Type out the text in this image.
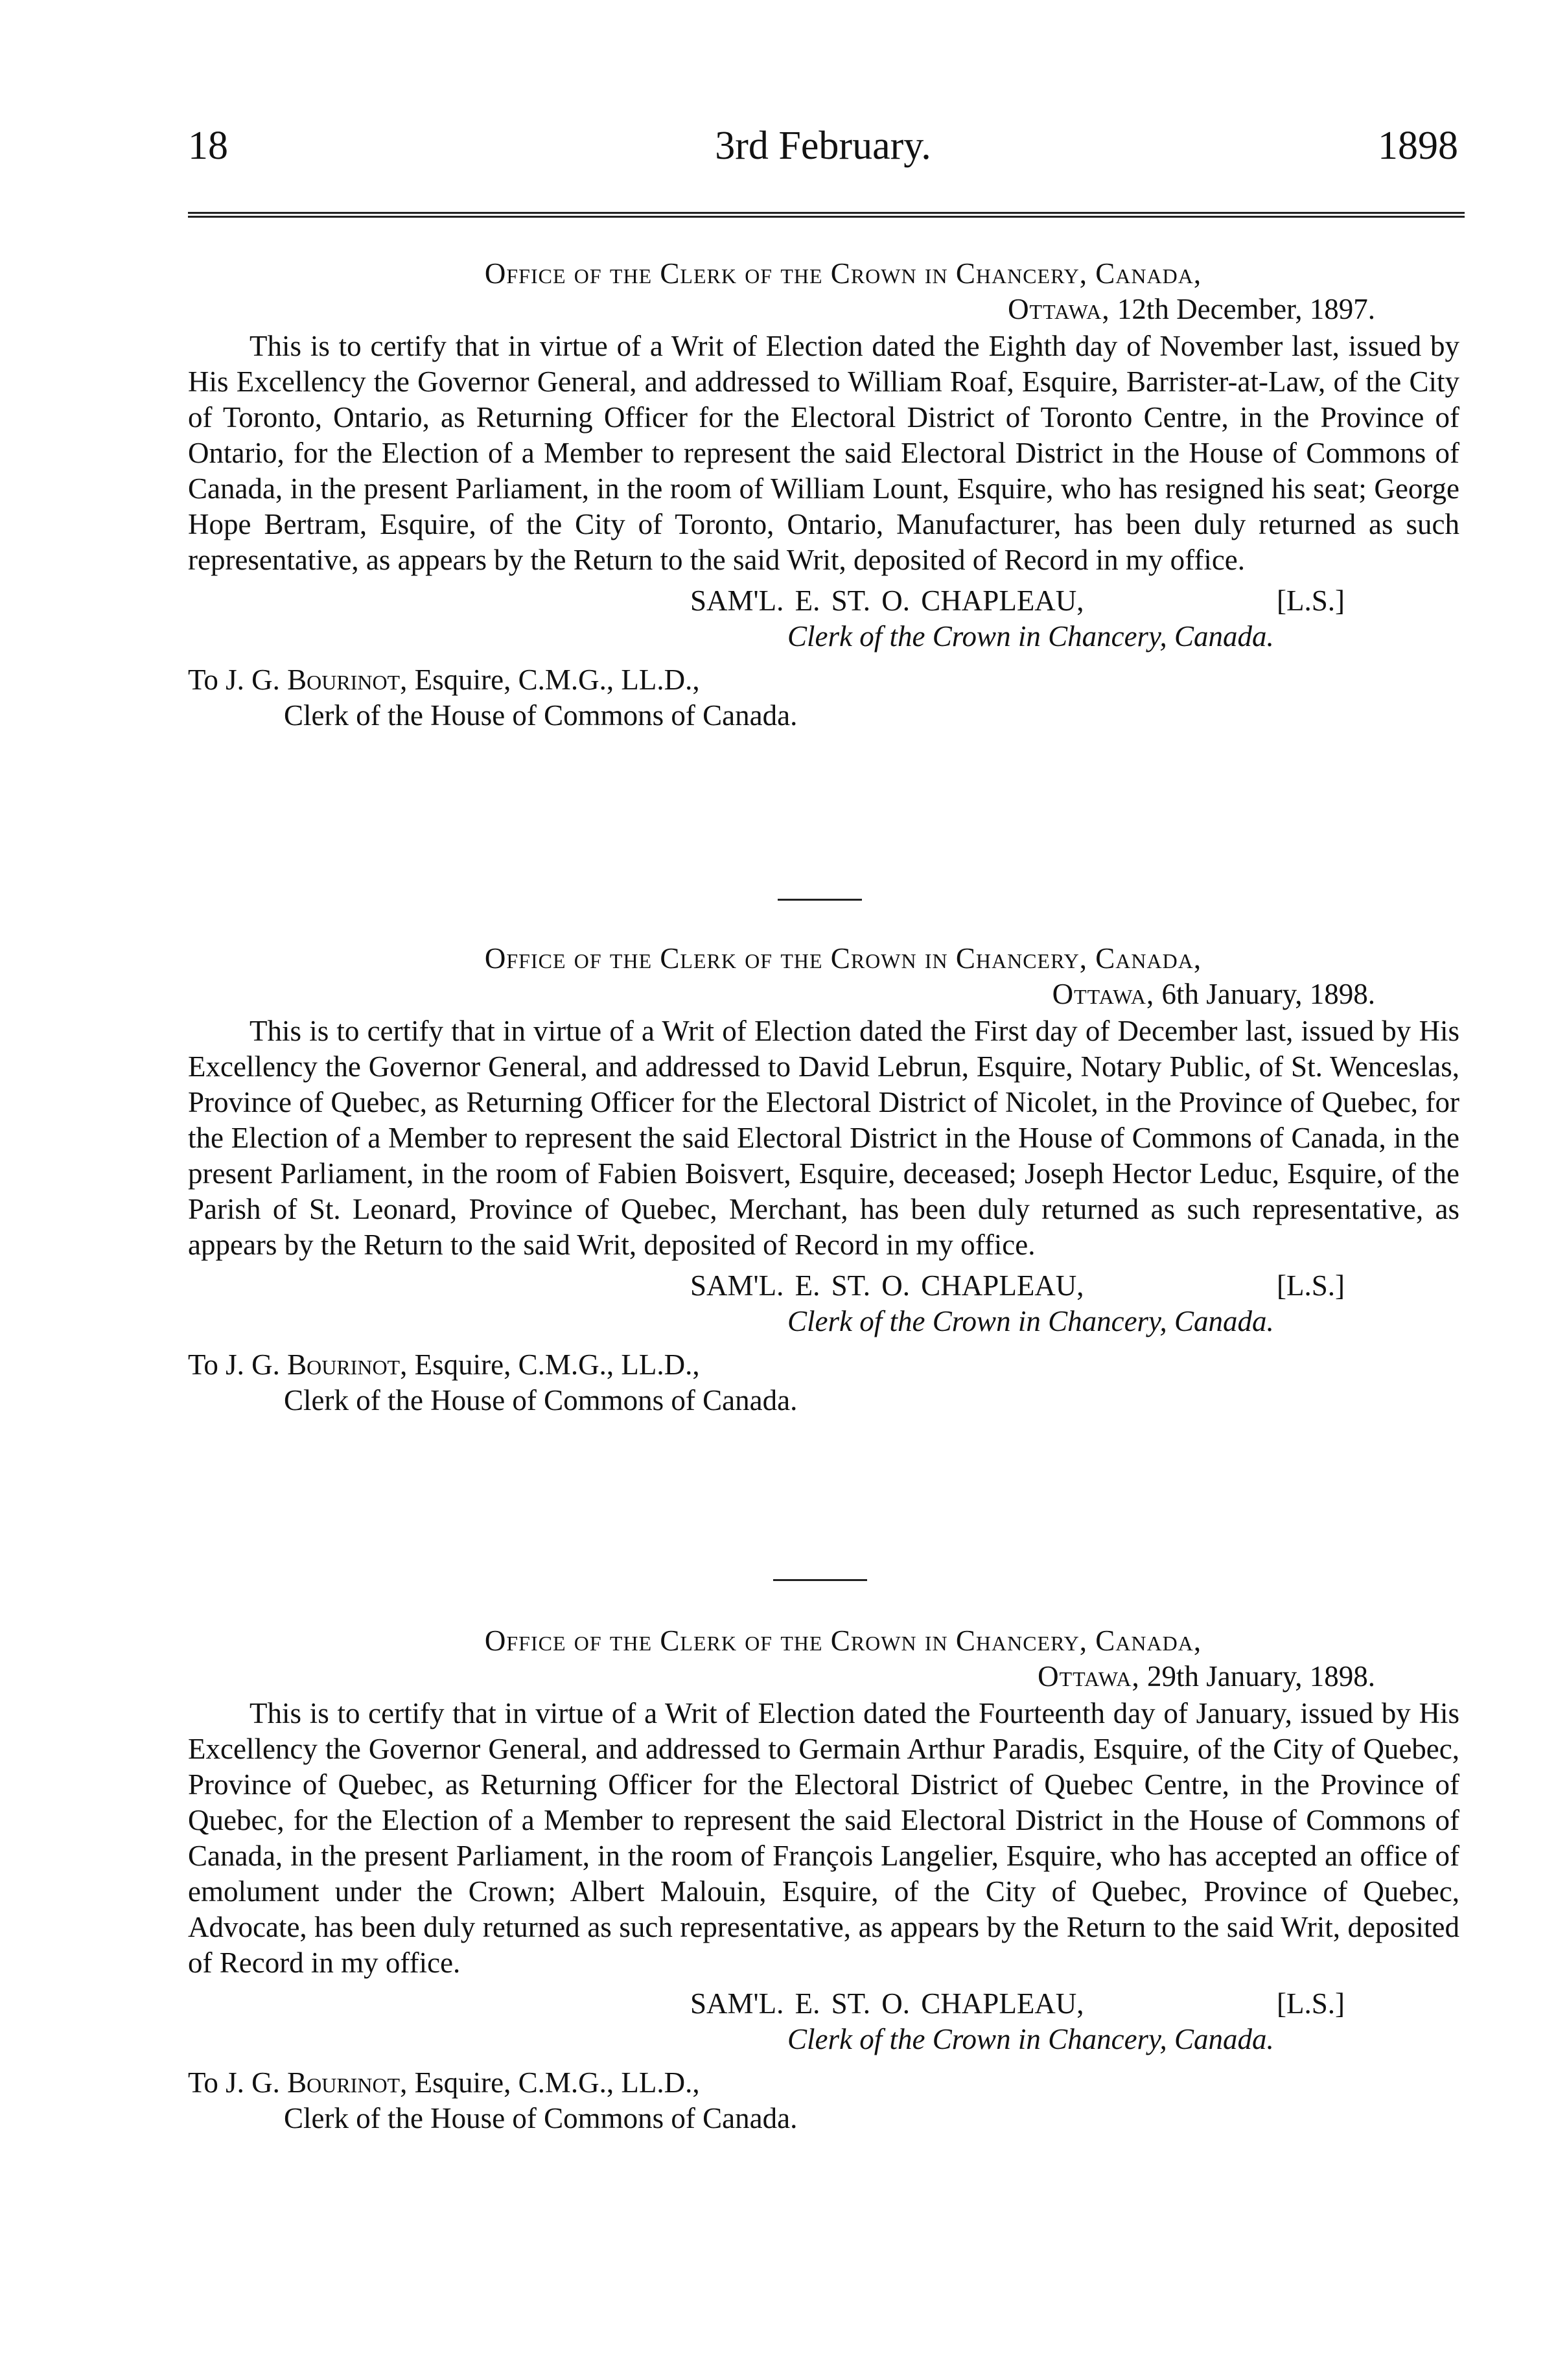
18	3rd February.	1898
Office of the Clerk of the Crown in Chancery, Canada,
Ottawa, 12th December, 1897.

This is to certify that in virtue of a Writ of Election dated the Eighth day of November last, issued by His Excellency the Governor General, and addressed to William Roaf, Esquire, Barrister-at-Law, of the City of Toronto, Ontario, as Returning Officer for the Electoral District of Toronto Centre, in the Province of Ontario, for the Election of a Member to represent the said Electoral District in the House of Commons of Canada, in the present Parliament, in the room of William Lount, Esquire, who has resigned his seat; George Hope Bertram, Esquire, of the City of Toronto, Ontario, Manufacturer, has been duly returned as such representative, as appears by the Return to the said Writ, deposited of Record in my office.

SAM'L. E. ST. O. CHAPLEAU,	[L.S.]
Clerk of the Crown in Chancery, Canada.
To J. G. Bourinot, Esquire, C.M.G., LL.D.,
Clerk of the House of Commons of Canada.
Office of the Clerk of the Crown in Chancery, Canada,
Ottawa, 6th January, 1898.

This is to certify that in virtue of a Writ of Election dated the First day of December last, issued by His Excellency the Governor General, and addressed to David Lebrun, Esquire, Notary Public, of St. Wenceslas, Province of Quebec, as Returning Officer for the Electoral District of Nicolet, in the Province of Quebec, for the Election of a Member to represent the said Electoral District in the House of Commons of Canada, in the present Parliament, in the room of Fabien Boisvert, Esquire, deceased; Joseph Hector Leduc, Esquire, of the Parish of St. Leonard, Province of Quebec, Merchant, has been duly returned as such representative, as appears by the Return to the said Writ, deposited of Record in my office.

SAM'L. E. ST. O. CHAPLEAU,	[L.S.]
Clerk of the Crown in Chancery, Canada.
To J. G. Bourinot, Esquire, C.M.G., LL.D.,
Clerk of the House of Commons of Canada.
Office of the Clerk of the Crown in Chancery, Canada,
Ottawa, 29th January, 1898.

This is to certify that in virtue of a Writ of Election dated the Fourteenth day of January, issued by His Excellency the Governor General, and addressed to Germain Arthur Paradis, Esquire, of the City of Quebec, Province of Quebec, as Returning Officer for the Electoral District of Quebec Centre, in the Province of Quebec, for the Election of a Member to represent the said Electoral District in the House of Commons of Canada, in the present Parliament, in the room of François Langelier, Esquire, who has accepted an office of emolument under the Crown; Albert Malouin, Esquire, of the City of Quebec, Province of Quebec, Advocate, has been duly returned as such representative, as appears by the Return to the said Writ, deposited of Record in my office.

SAM'L. E. ST. O. CHAPLEAU,	[L.S.]
Clerk of the Crown in Chancery, Canada.
To J. G. Bourinot, Esquire, C.M.G., LL.D.,
Clerk of the House of Commons of Canada.
